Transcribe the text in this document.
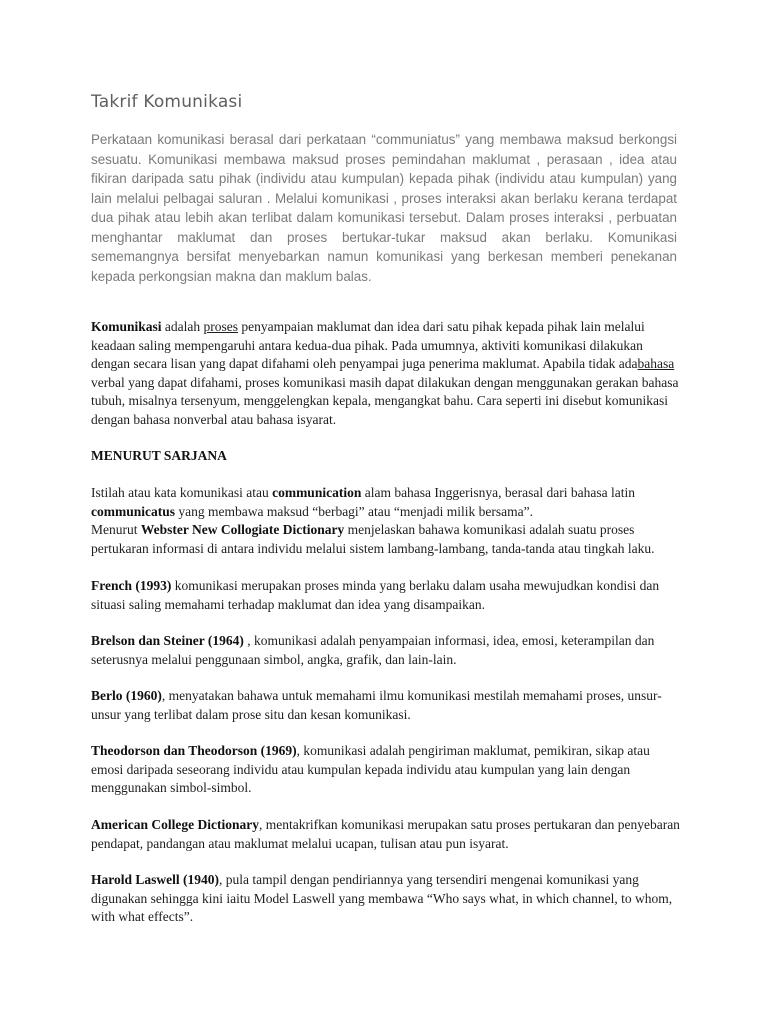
Takrif Komunikasi

Perkataan komunikasi berasal dari perkataan “communiatus” yang membawa maksud berkongsi sesuatu. Komunikasi membawa maksud proses pemindahan maklumat , perasaan , idea atau fikiran daripada satu pihak (individu atau kumpulan) kepada pihak (individu atau kumpulan) yang lain melalui pelbagai saluran . Melalui komunikasi , proses interaksi akan berlaku kerana terdapat dua pihak atau lebih akan terlibat dalam komunikasi tersebut. Dalam proses interaksi , perbuatan menghantar maklumat dan proses bertukar-tukar maksud akan berlaku. Komunikasi sememangnya bersifat menyebarkan namun komunikasi yang berkesan memberi penekanan kepada perkongsian makna dan maklum balas.

Komunikasi adalah proses penyampaian maklumat dan idea dari satu pihak kepada pihak lain melalui keadaan saling mempengaruhi antara kedua-dua pihak. Pada umumnya, aktiviti komunikasi dilakukan dengan secara lisan yang dapat difahami oleh penyampai juga penerima maklumat. Apabila tidak adabahasa verbal yang dapat difahami, proses komunikasi masih dapat dilakukan dengan menggunakan gerakan bahasa tubuh, misalnya tersenyum, menggelengkan kepala, mengangkat bahu. Cara seperti ini disebut komunikasi dengan bahasa nonverbal atau bahasa isyarat.

MENURUT SARJANA

Istilah atau kata komunikasi atau communication alam bahasa Inggerisnya, berasal dari bahasa latin communicatus yang membawa maksud “berbagi” atau “menjadi milik bersama”.
Menurut Webster New Collogiate Dictionary menjelaskan bahawa komunikasi adalah suatu proses pertukaran informasi di antara individu melalui sistem lambang-lambang, tanda-tanda atau tingkah laku.

French (1993) komunikasi merupakan proses minda yang berlaku dalam usaha mewujudkan kondisi dan situasi saling memahami terhadap maklumat dan idea yang disampaikan.

Brelson dan Steiner (1964) , komunikasi adalah penyampaian informasi, idea, emosi, keterampilan dan seterusnya melalui penggunaan simbol, angka, grafik, dan lain-lain.

Berlo (1960), menyatakan bahawa untuk memahami ilmu komunikasi mestilah memahami proses, unsur-unsur yang terlibat dalam prose situ dan kesan komunikasi.

Theodorson dan Theodorson (1969), komunikasi adalah pengiriman maklumat, pemikiran, sikap atau emosi daripada seseorang individu atau kumpulan kepada individu atau kumpulan yang lain dengan menggunakan simbol-simbol.

American College Dictionary, mentakrifkan komunikasi merupakan satu proses pertukaran dan penyebaran pendapat, pandangan atau maklumat melalui ucapan, tulisan atau pun isyarat.

Harold Laswell (1940), pula tampil dengan pendiriannya yang tersendiri mengenai komunikasi yang digunakan sehingga kini iaitu Model Laswell yang membawa “Who says what, in which channel, to whom, with what effects”.
